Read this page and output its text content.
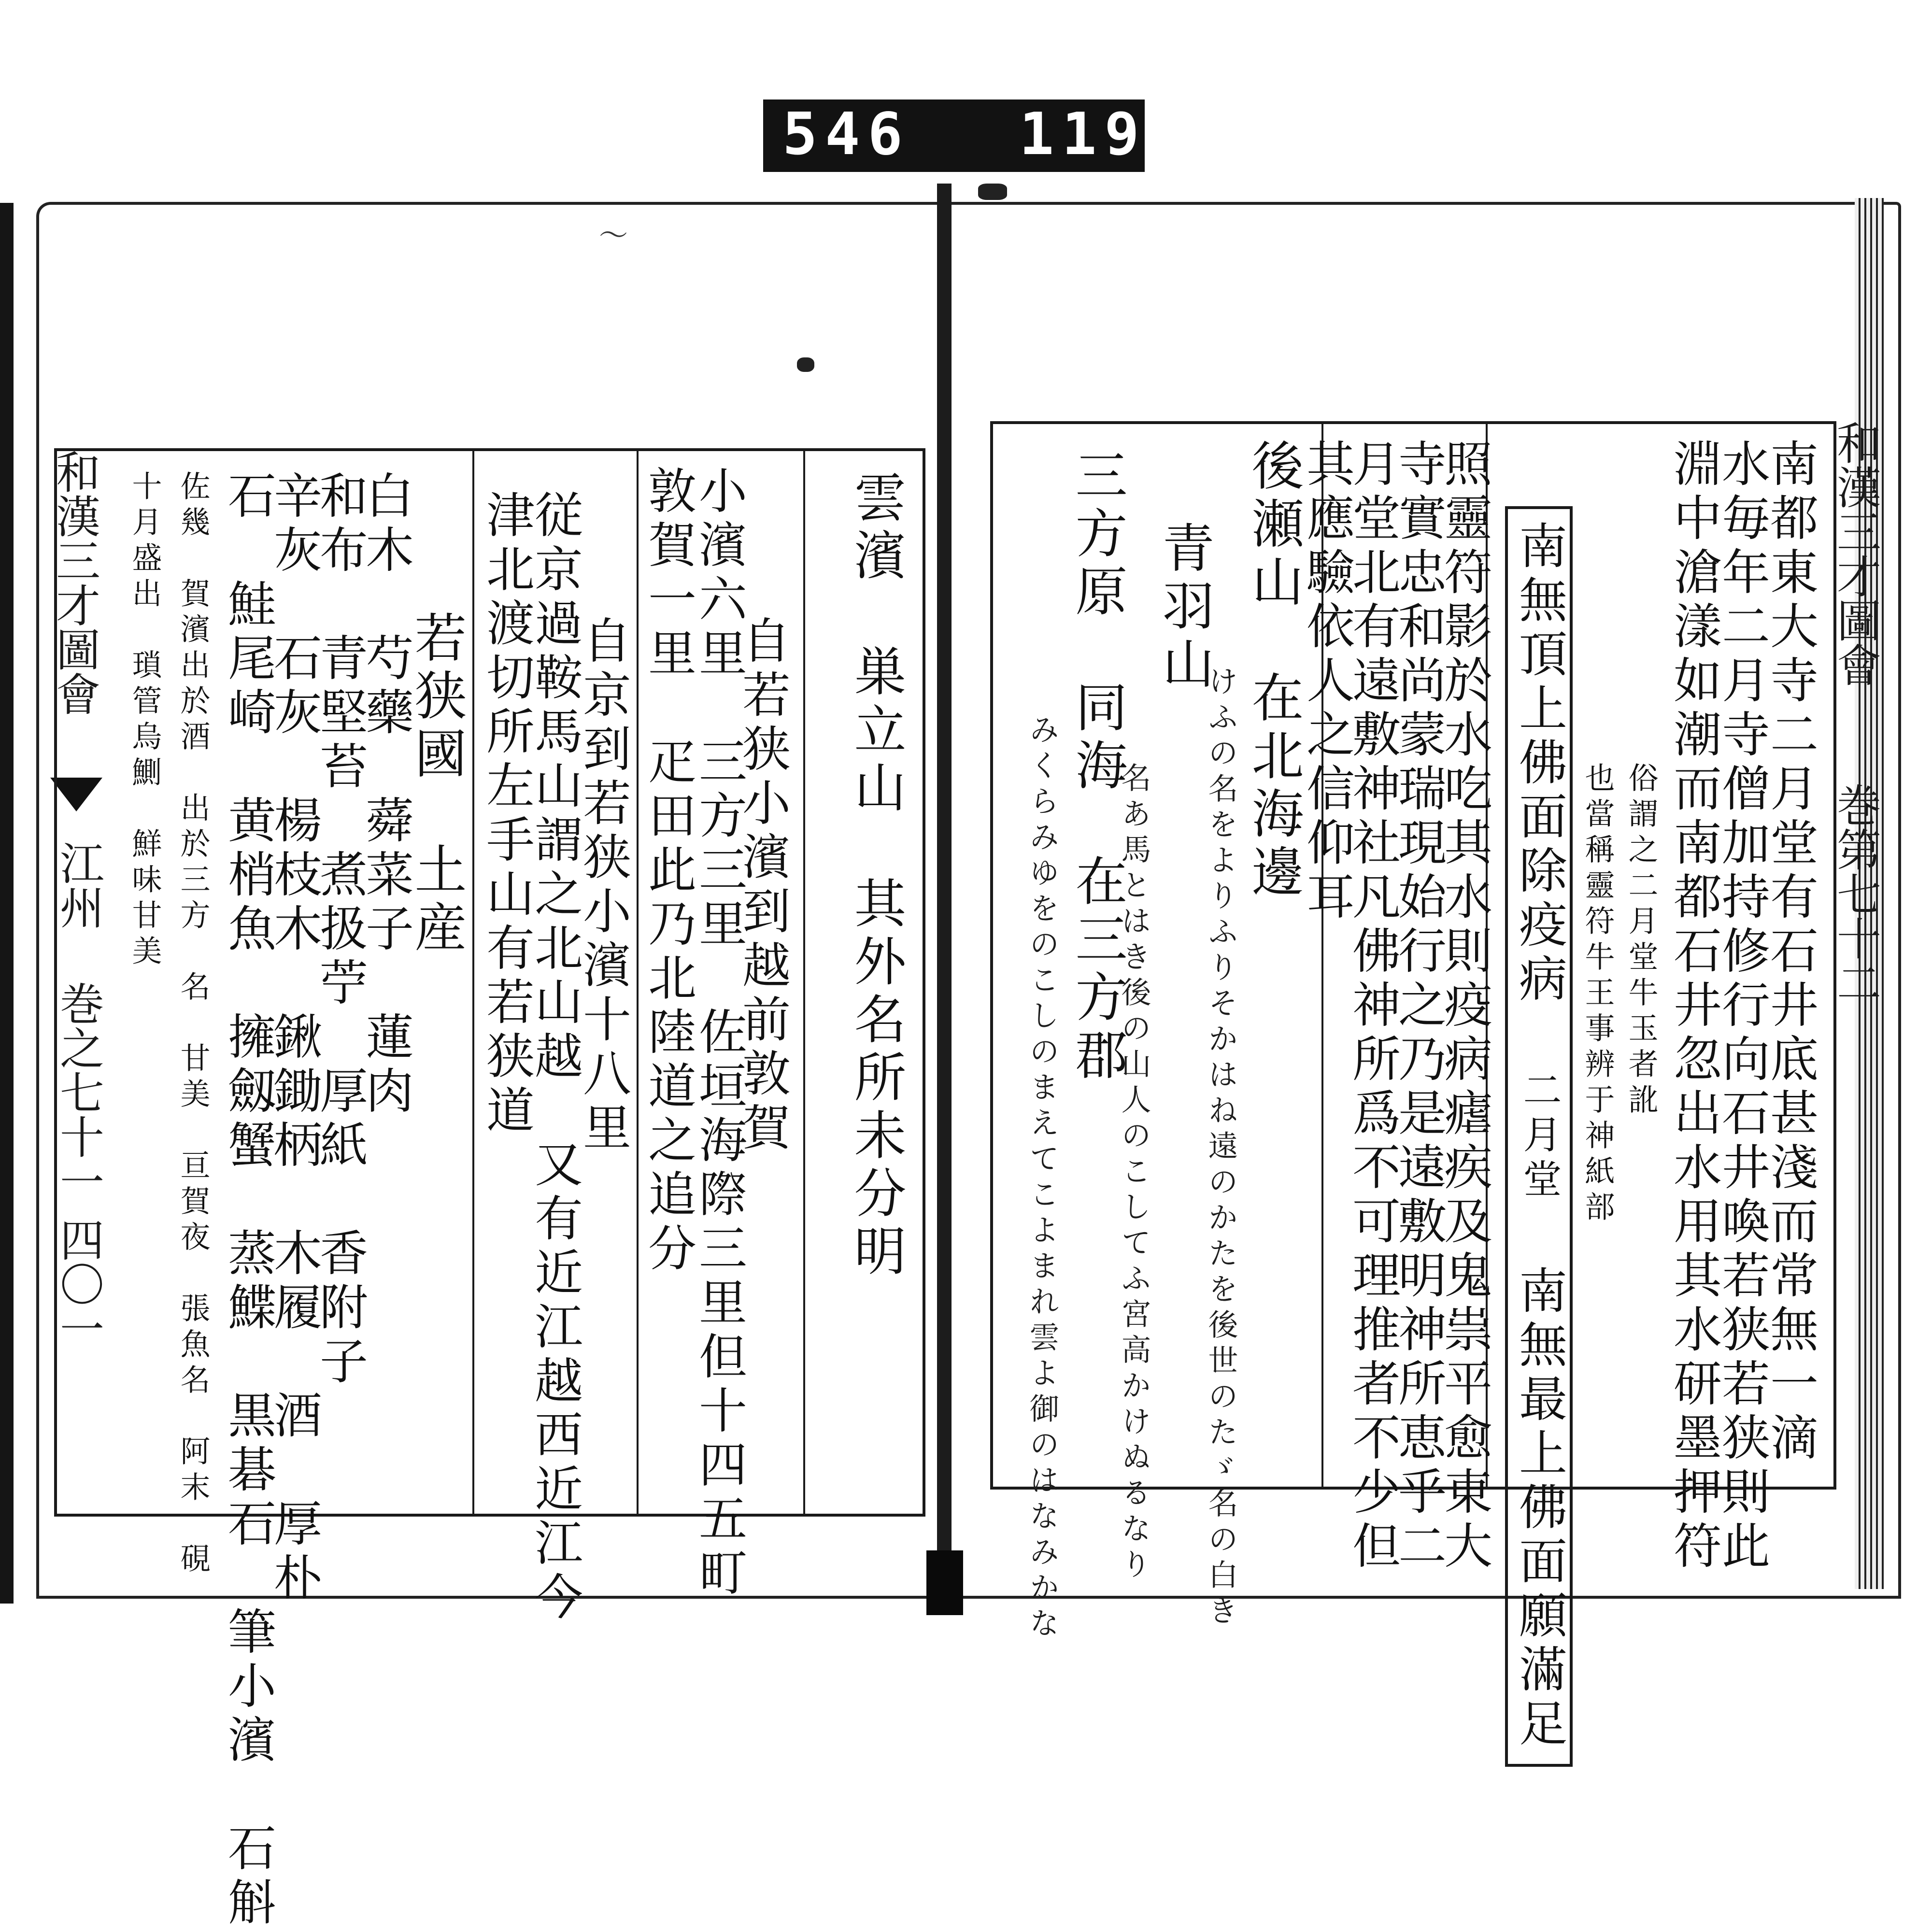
546 119.
和漢三才圖會
江州 巻之七十一
四〇一
雲濱　巣立山　其外名所未分明
自若狭小濱到越前敦賀
小濱六里　三方三里　佐垣海際三里但十四五町
敦賀一里　疋田此乃北陸道之追分
自京到若狭小濱十八里
従京過鞍馬山謂之北山越　又有近江越西近江今
津北渡切所左手山有若狭道
若狭國　土産
白木　芍藥　蕣菜子　蓮肉
和布　青堅苔　煮扱苧　厚紙　香附子
辛灰　石灰　楊枝木　鍬鋤柄　木履　酒　厚朴
石　鮭尾崎　黄梢魚　擁劔蟹　蒸鰈　黒碁石　筆小濱　石斛
佐幾　賀濱出於酒　出於三方　名　甘美　亘賀夜　張魚名　阿末　硯
十月盛出　瑣管烏鰂　鮮味甘美
〜
和漢三才圖會
巻第七十二
南都東大寺二月堂有石井底甚淺而常無一滴
水毎年二月寺僧加持修行向石井喚若狭若狭則此
淵中滄漾如潮而南都石井忽出水用其水研墨押符
南無頂上佛面除疫病 二月堂 南無最上佛面願滿足
俗謂之二月堂牛玉者訛
也當稱靈符牛王事辨于神紙部
照靈符影於水吃其水則疫病瘧疾及鬼祟平愈東大
寺實忠和尚蒙瑞現始行之乃是遠敷明神所恵乎二
月堂北有遠敷神社凡佛神所爲不可理推者不少但
其應驗依人之信仰耳
後瀬山　在北海邊
けふの名をよりふりそかはね遠のかたを後世のたゞ名の白き
青羽山
名あ馬とはき後の山人のこしてふ宮高かけぬるなり
三方原　同海　在三方郡
みくらみゆをのこしのまえてこよまれ雲よ御のはなみかな
